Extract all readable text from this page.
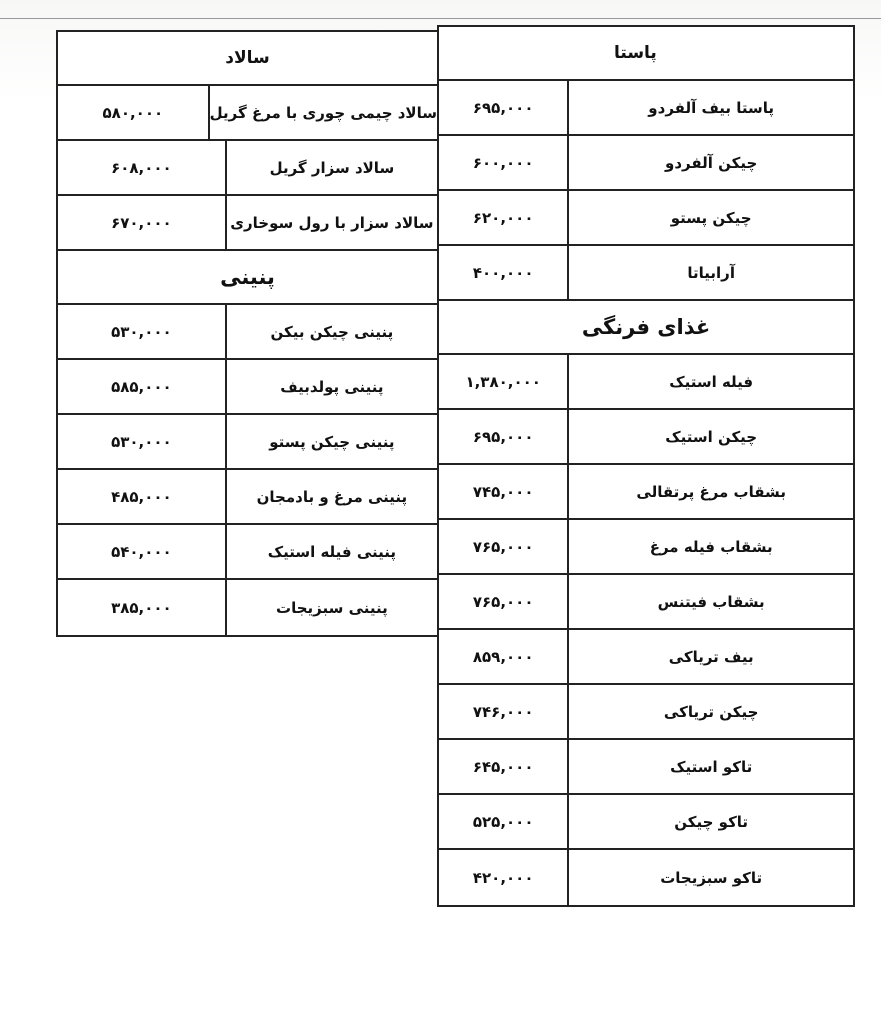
پاستا
پاستا بیف آلفردو
۶۹۵,۰۰۰
چیکن آلفردو
۶۰۰,۰۰۰
چیکن پستو
۶۲۰,۰۰۰
آرابیاتا
۴۰۰,۰۰۰
غذای فرنگی
فیله استیک
۱,۳۸۰,۰۰۰
چیکن استیک
۶۹۵,۰۰۰
بشقاب مرغ پرتقالی
۷۴۵,۰۰۰
بشقاب فیله مرغ
۷۶۵,۰۰۰
بشقاب فیتنس
۷۶۵,۰۰۰
بیف تریاکی
۸۵۹,۰۰۰
چیکن تریاکی
۷۴۶,۰۰۰
تاکو استیک
۶۴۵,۰۰۰
تاکو چیکن
۵۲۵,۰۰۰
تاکو سبزیجات
۴۲۰,۰۰۰
سالاد
سالاد چیمی چوری با مرغ گریل
۵۸۰,۰۰۰
سالاد سزار گریل
۶۰۸,۰۰۰
سالاد سزار با رول سوخاری
۶۷۰,۰۰۰
پنینی
پنینی چیکن بیکن
۵۳۰,۰۰۰
پنینی پولدبیف
۵۸۵,۰۰۰
پنینی چیکن پستو
۵۳۰,۰۰۰
پنینی مرغ و بادمجان
۴۸۵,۰۰۰
پنینی فیله استیک
۵۴۰,۰۰۰
پنینی سبزیجات
۳۸۵,۰۰۰
